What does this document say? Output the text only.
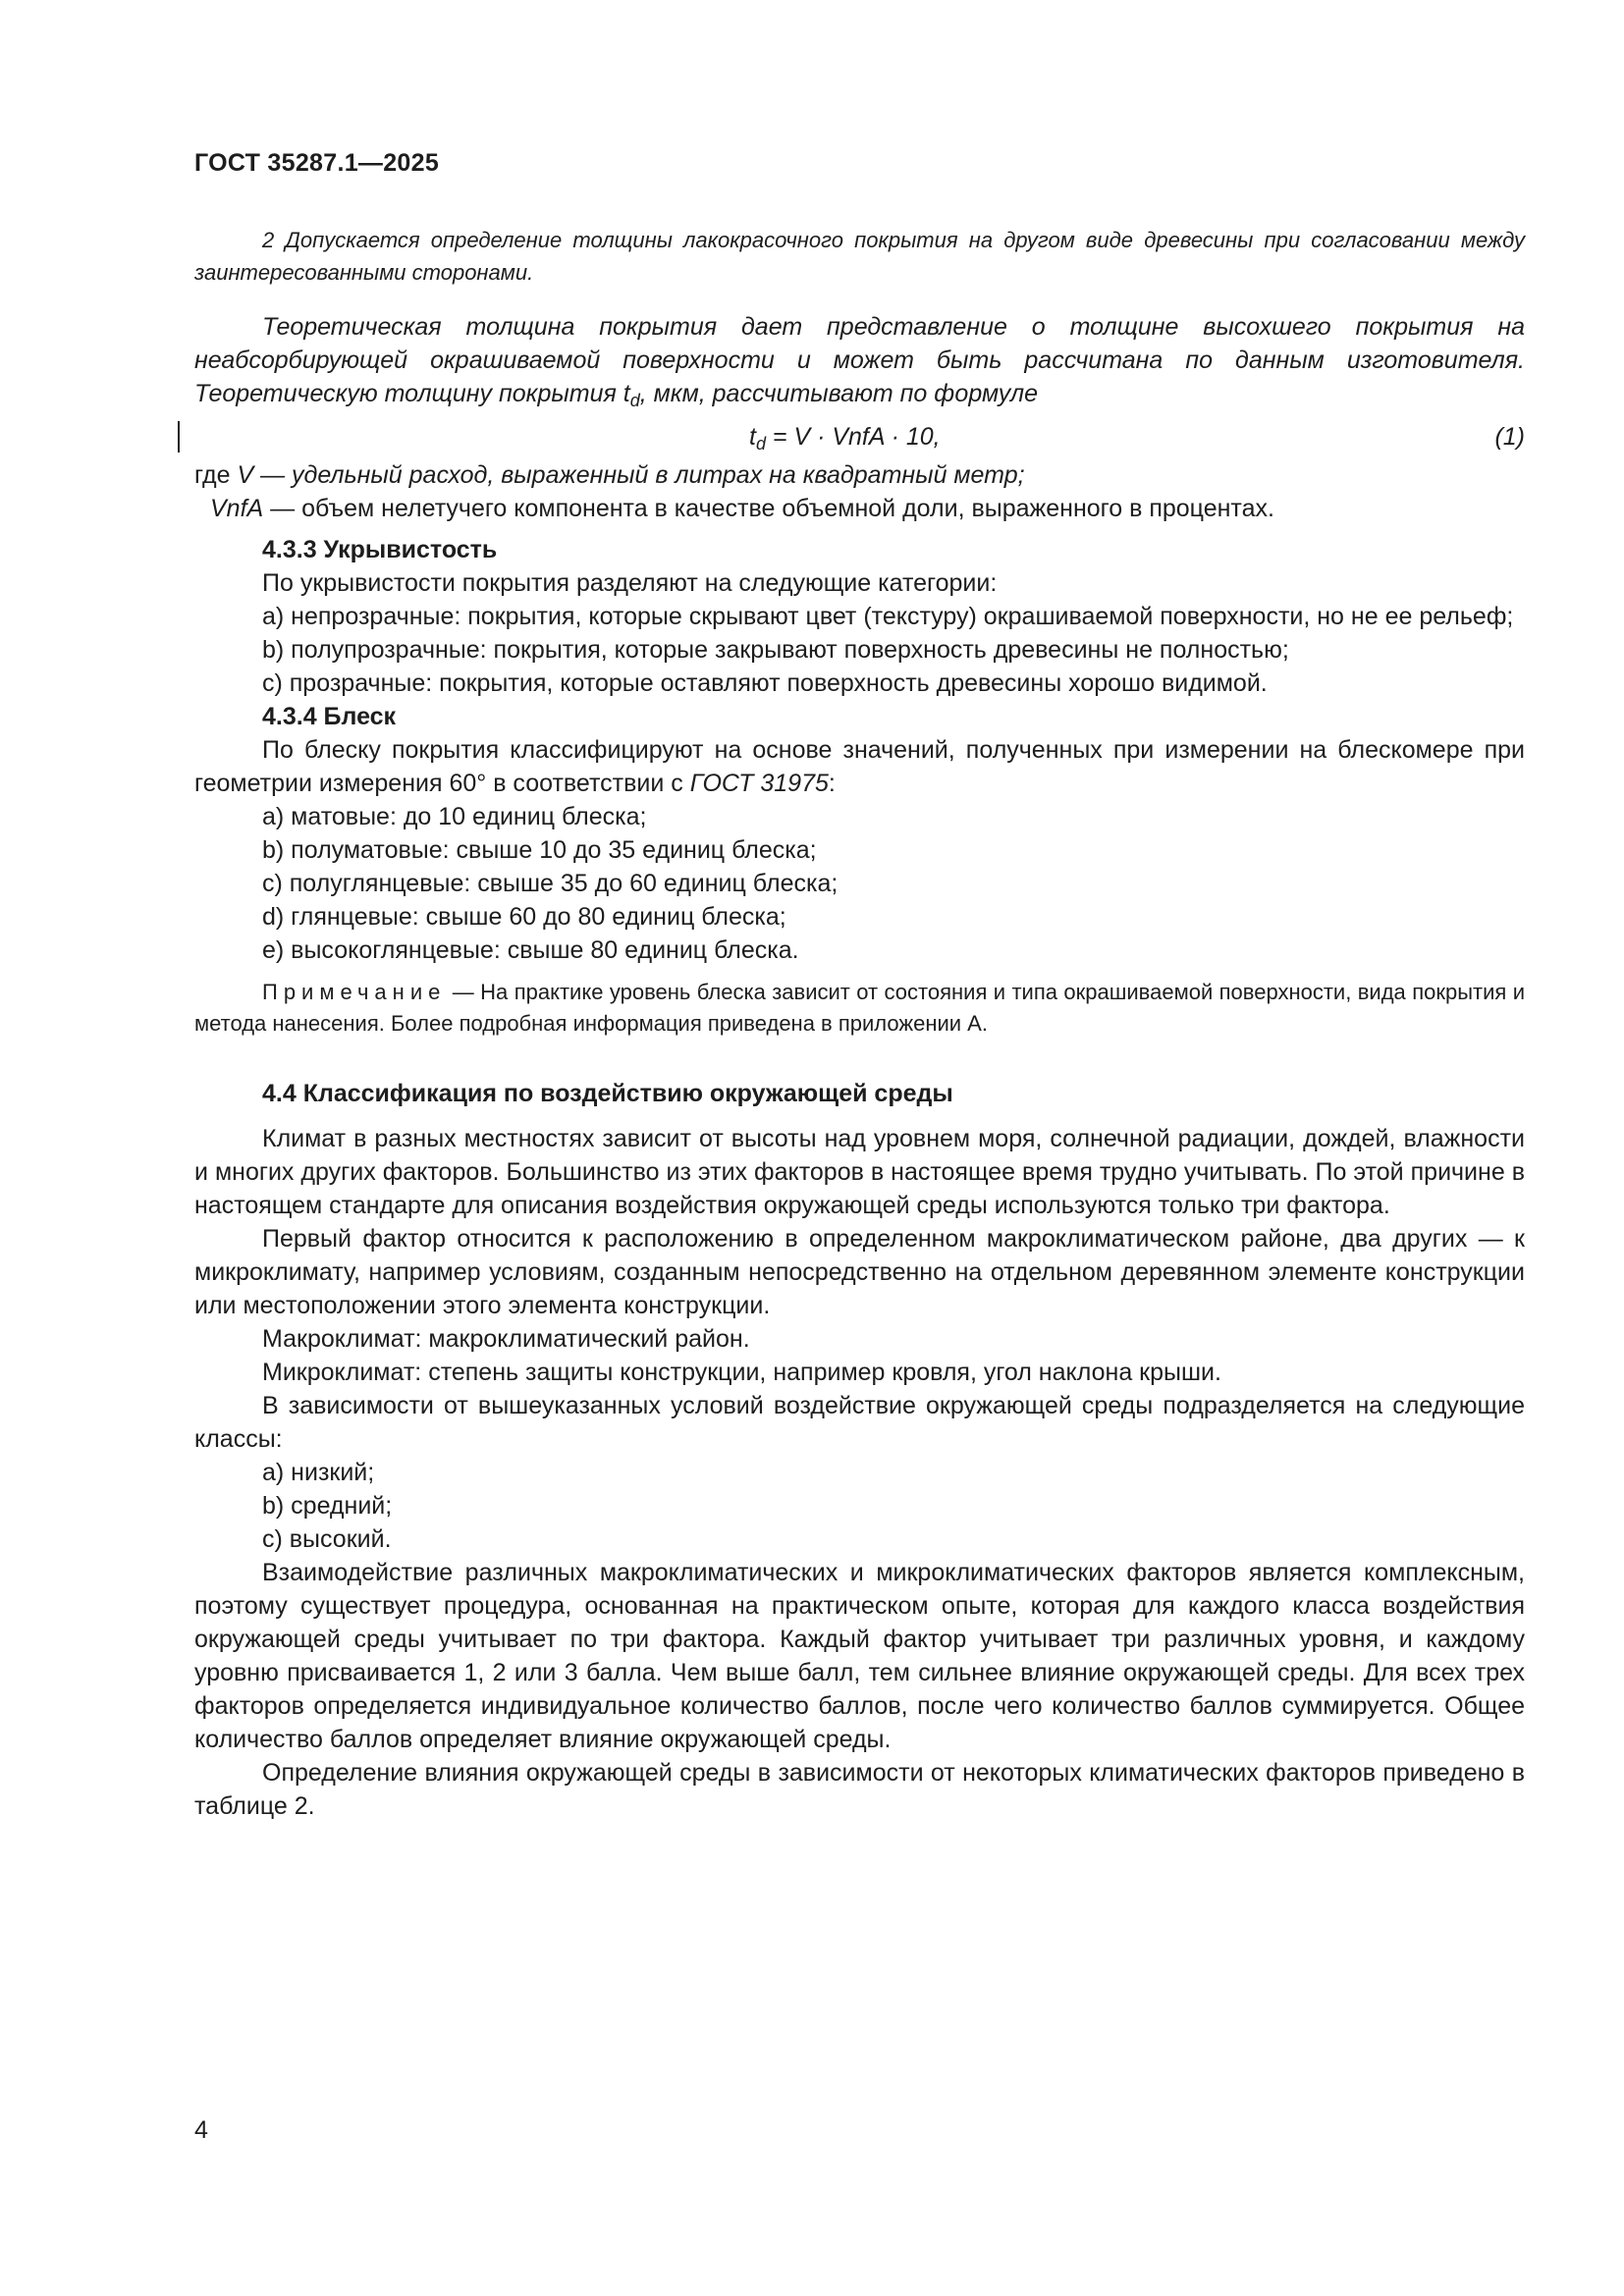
ГОСТ 35287.1—2025

2 Допускается определение толщины лакокрасочного покрытия на другом виде древесины при согласовании между заинтересованными сторонами.

Теоретическая толщина покрытия дает представление о толщине высохшего покрытия на неабсорбирующей окрашиваемой поверхности и может быть рассчитана по данным изготовителя. Теоретическую толщину покрытия $t_d$, мкм, рассчитывают по формуле

$t_d = V$ · VnfA · 10,	(1)

где V — удельный расход, выраженный в литрах на квадратный метр;

VnfA — объем нелетучего компонента в качестве объемной доли, выраженного в процентах.

4.3.3 Укрывистость

По укрывистости покрытия разделяют на следующие категории:

a) непрозрачные: покрытия, которые скрывают цвет (текстуру) окрашиваемой поверхности, но не ее рельеф;

b) полупрозрачные: покрытия, которые закрывают поверхность древесины не полностью;

c) прозрачные: покрытия, которые оставляют поверхность древесины хорошо видимой.

4.3.4 Блеск

По блеску покрытия классифицируют на основе значений, полученных при измерении на блескомере при геометрии измерения 60° в соответствии с ГОСТ 31975:

a) матовые: до 10 единиц блеска;

b) полуматовые: свыше 10 до 35 единиц блеска;

c) полуглянцевые: свыше 35 до 60 единиц блеска;

d) глянцевые: свыше 60 до 80 единиц блеска;

e) высокоглянцевые: свыше 80 единиц блеска.

Примечание — На практике уровень блеска зависит от состояния и типа окрашиваемой поверхности, вида покрытия и метода нанесения. Более подробная информация приведена в приложении А.

4.4 Классификация по воздействию окружающей среды

Климат в разных местностях зависит от высоты над уровнем моря, солнечной радиации, дождей, влажности и многих других факторов. Большинство из этих факторов в настоящее время трудно учитывать. По этой причине в настоящем стандарте для описания воздействия окружающей среды используются только три фактора.

Первый фактор относится к расположению в определенном макроклиматическом районе, два других — к микроклимату, например условиям, созданным непосредственно на отдельном деревянном элементе конструкции или местоположении этого элемента конструкции.

Макроклимат: макроклиматический район.

Микроклимат: степень защиты конструкции, например кровля, угол наклона крыши.

В зависимости от вышеуказанных условий воздействие окружающей среды подразделяется на следующие классы:

a) низкий;

b) средний;

c) высокий.

Взаимодействие различных макроклиматических и микроклиматических факторов является комплексным, поэтому существует процедура, основанная на практическом опыте, которая для каждого класса воздействия окружающей среды учитывает по три фактора. Каждый фактор учитывает три различных уровня, и каждому уровню присваивается 1, 2 или 3 балла. Чем выше балл, тем сильнее влияние окружающей среды. Для всех трех факторов определяется индивидуальное количество баллов, после чего количество баллов суммируется. Общее количество баллов определяет влияние окружающей среды.

Определение влияния окружающей среды в зависимости от некоторых климатических факторов приведено в таблице 2.

4
